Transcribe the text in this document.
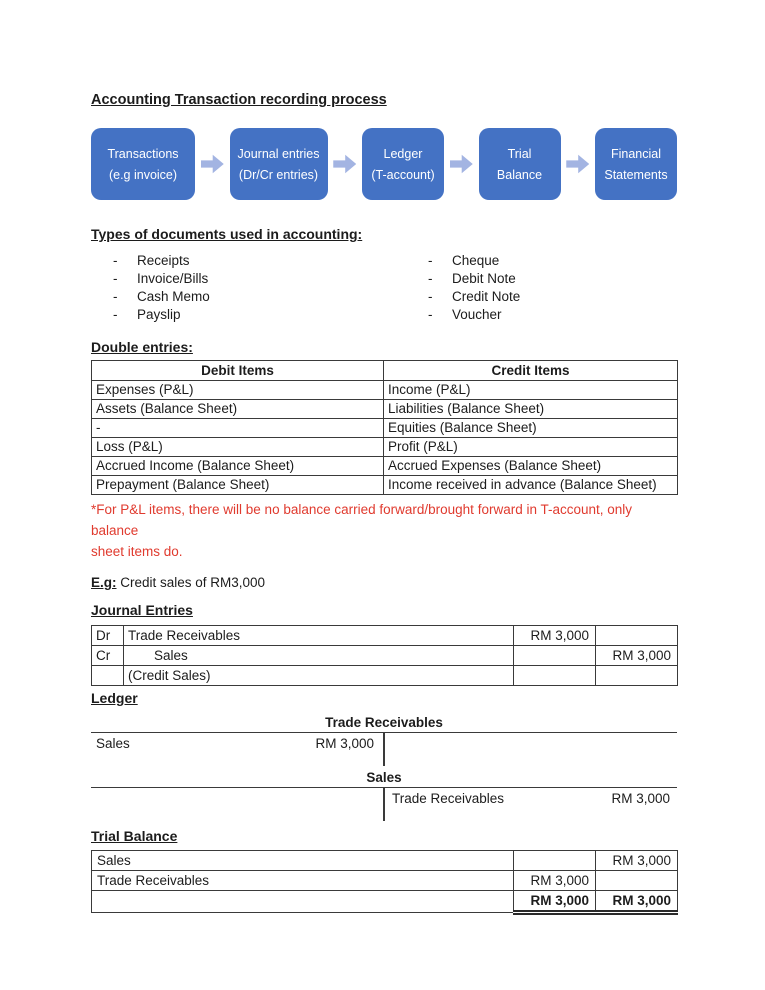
Accounting Transaction recording process
Transactions
(e.g invoice)
Journal entries
(Dr/Cr entries)
Ledger
(T-account)
Trial
Balance
Financial
Statements
Types of documents used in accounting:
-	Receipts
-	Invoice/Bills
-	Cash Memo
-	Payslip
-	Cheque
-	Debit Note
-	Credit Note
-	Voucher
Double entries:
Debit Items	Credit Items
Expenses (P&L)	Income (P&L)
Assets (Balance Sheet)	Liabilities (Balance Sheet)
-	Equities (Balance Sheet)
Loss (P&L)	Profit (P&L)
Accrued Income (Balance Sheet)	Accrued Expenses (Balance Sheet)
Prepayment (Balance Sheet)	Income received in advance (Balance Sheet)
*For P&L items, there will be no balance carried forward/brought forward in T-account, only balance
sheet items do.
E.g: Credit sales of RM3,000
Journal Entries
Dr	Trade Receivables	RM 3,000	
Cr	Sales		RM 3,000
	(Credit Sales)		
Ledger
Trade Receivables
Sales	RM 3,000
Sales
Trade Receivables	RM 3,000
Trial Balance
Sales		RM 3,000
Trade Receivables	RM 3,000	
	RM 3,000	RM 3,000
